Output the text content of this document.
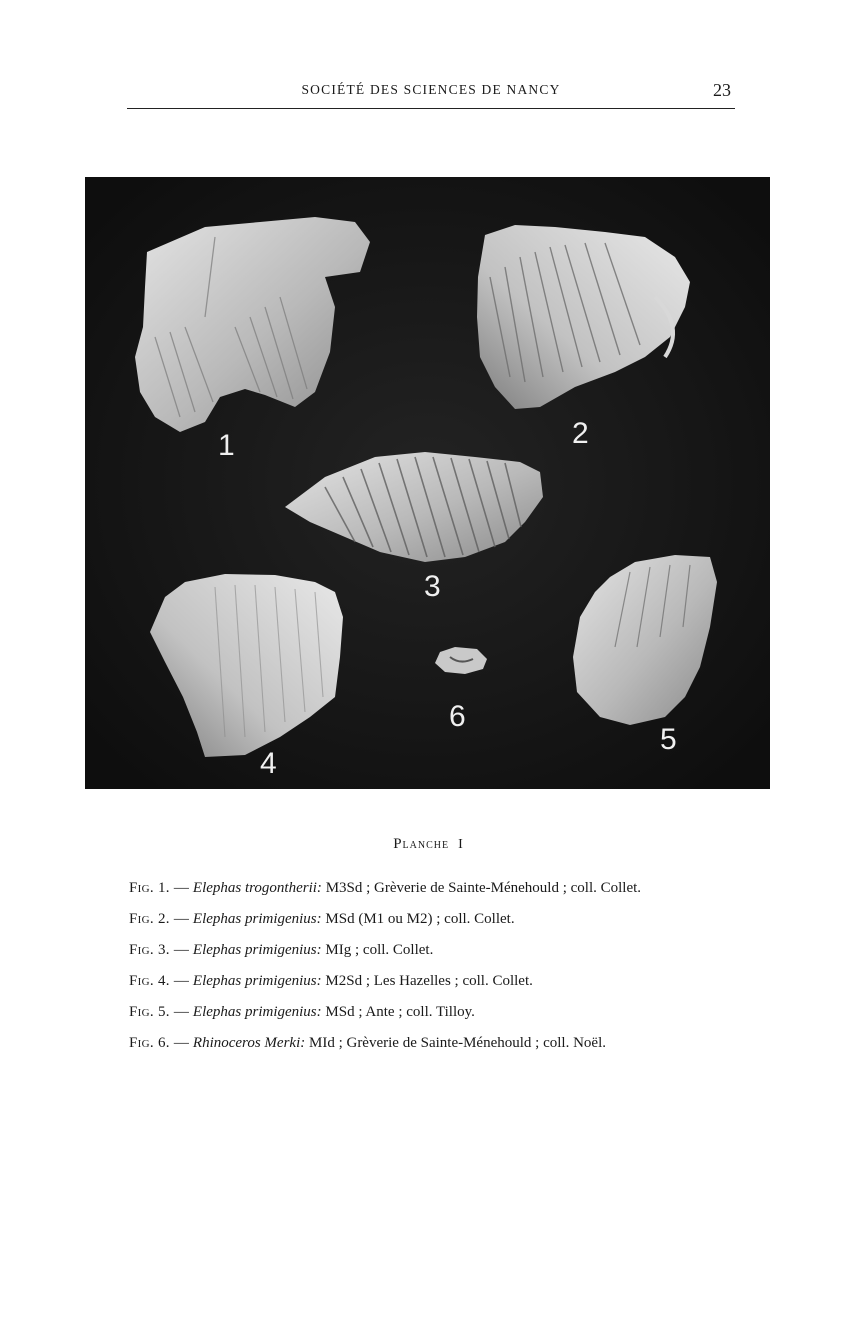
SOCIÉTÉ DES SCIENCES DE NANCY	23
1	2
3
4
5
6
Planche I

Fig. 1. — Elephas trogontherii: M3Sd ; Grèverie de Sainte-Ménehould ; coll. Collet.

Fig. 2. — Elephas primigenius: MSd (M1 ou M2) ; coll. Collet.

Fig. 3. — Elephas primigenius: MIg ; coll. Collet.

Fig. 4. — Elephas primigenius: M2Sd ; Les Hazelles ; coll. Collet.

Fig. 5. — Elephas primigenius: MSd ; Ante ; coll. Tilloy.

Fig. 6. — Rhinoceros Merki: MId ; Grèverie de Sainte-Ménehould ; coll. Noël.
